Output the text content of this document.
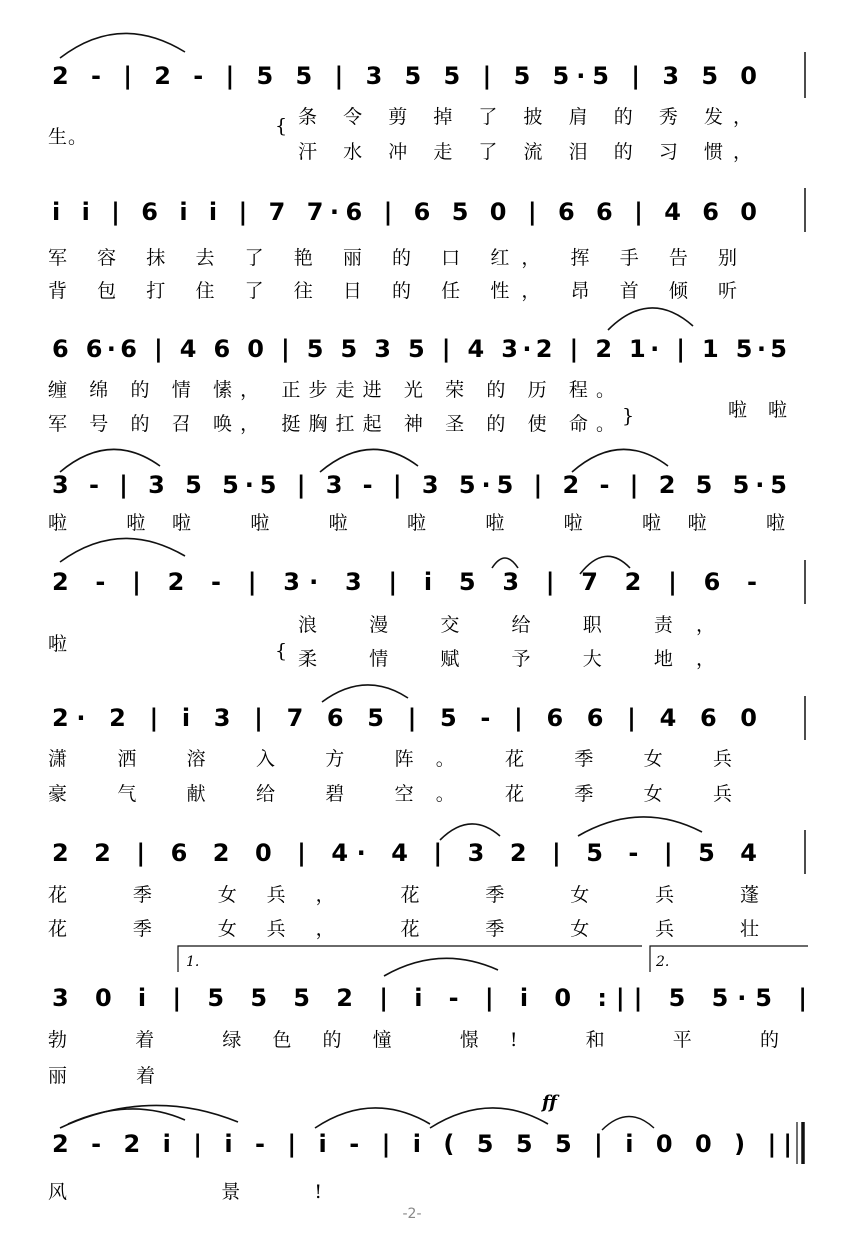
2 - | 2 - | 5 5 | 3 5 5 | 5 5·5 | 3 5 0
生。	{ 条 令 剪 掉 了 披 肩 的 秀 发，
汗 水 冲 走 了 流 泪 的 习 惯，
i i | 6 i i | 7 7·6 | 6 5 0 | 6 6 | 4 6 0
军 容 抹 去 了 艳 丽 的 口 红， 挥 手 告 别
背 包 打 住 了 往 日 的 任 性， 昂 首 倾 听
6 6·6 | 4 6 0 | 5 5 3 5 | 4 3·2 | 2 1· | 1 5·5
缠 绵 的 情 愫， 正步走进 光 荣 的 历 程。
军 号 的 召 唤， 挺胸扛起 神 圣 的 使 命。 }	啦 啦
3 - | 3 5 5·5 | 3 - | 3 5·5 | 2 - | 2 5 5·5
啦 啦啦 啦 啦 啦 啦 啦 啦啦 啦
2 - | 2 - | 3· 3 | i 5 3 | 7 2 | 6 -
啦	{
浪 漫 交 给 职 责，
柔 情 赋 予 大 地，
2· 2 | i 3 | 7 6 5 | 5 - | 6 6 | 4 6 0
潇 洒 溶 入 方 阵。 花 季 女 兵
豪 气 献 给 碧 空。 花 季 女 兵
2 2 | 6 2 0 | 4· 4 | 3 2 | 5 - | 5 4
花 季 女兵， 花 季 女 兵 蓬
花 季 女兵， 花 季 女 兵 壮
1.	2.
3 0 i | 5 5 5 2 | i - | i 0 :|| 5 5·5 |
勃 着 绿色的憧 憬! 和 平 的
丽 着
ff
2 - 2 i | i - | i - | i ( 5 5 5 | i 0 0 ) ||
风 景!
-2-
